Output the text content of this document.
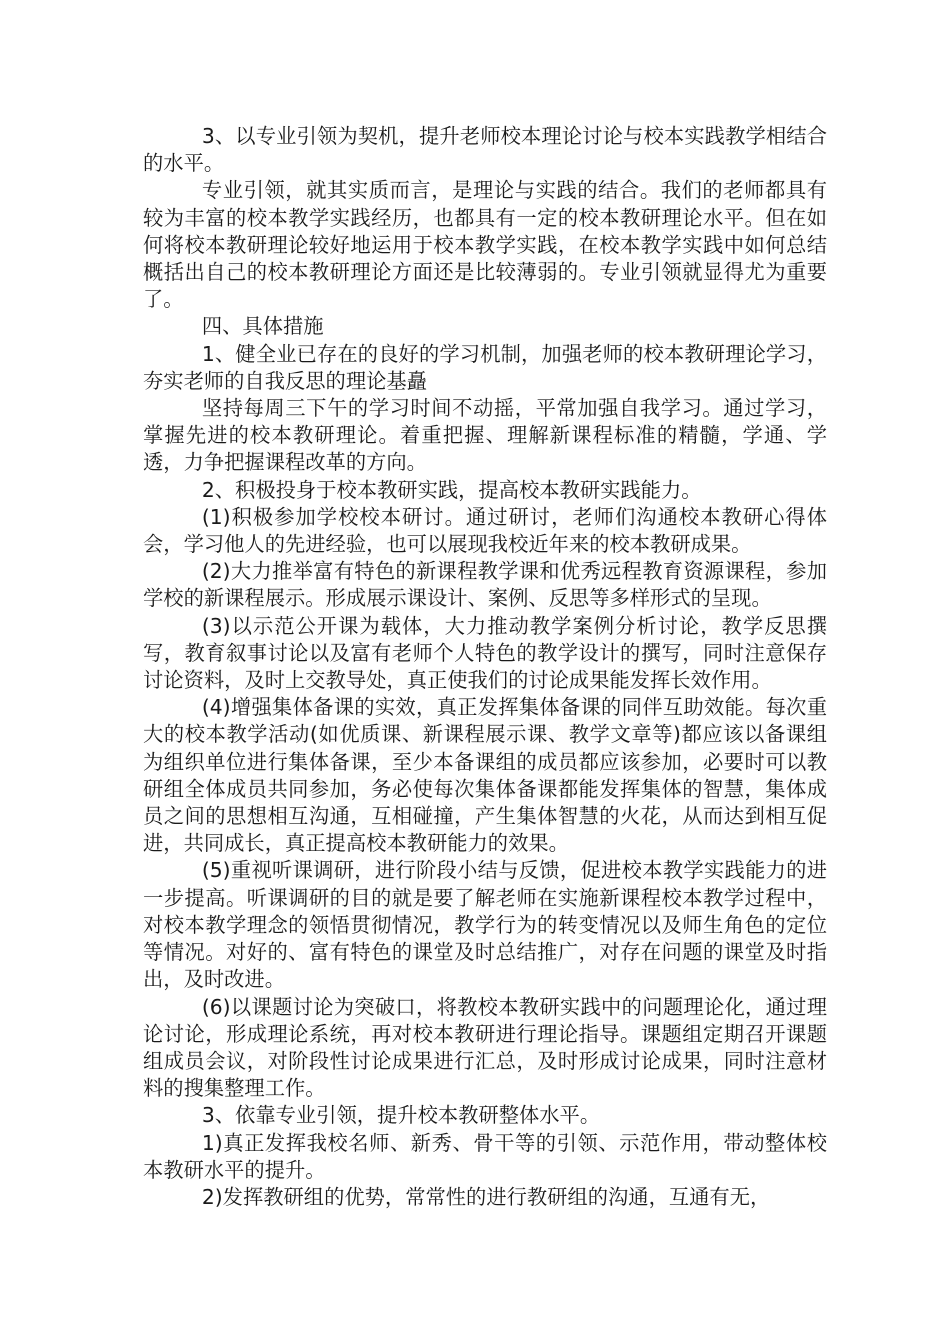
3、以专业引领为契机，提升老师校本理论讨论与校本实践教学相结合的水平。

专业引领，就其实质而言，是理论与实践的结合。我们的老师都具有较为丰富的校本教学实践经历，也都具有一定的校本教研理论水平。但在如何将校本教研理论较好地运用于校本教学实践，在校本教学实践中如何总结概括出自己的校本教研理论方面还是比较薄弱的。专业引领就显得尤为重要了。

四、具体措施

1、健全业已存在的良好的学习机制，加强老师的校本教研理论学习，夯实老师的自我反思的理论基矗

坚持每周三下午的学习时间不动摇，平常加强自我学习。通过学习，掌握先进的校本教研理论。着重把握、理解新课程标准的精髓，学通、学透，力争把握课程改革的方向。

2、积极投身于校本教研实践，提高校本教研实践能力。

(1)积极参加学校校本研讨。通过研讨，老师们沟通校本教研心得体会，学习他人的先进经验，也可以展现我校近年来的校本教研成果。

(2)大力推举富有特色的新课程教学课和优秀远程教育资源课程，参加学校的新课程展示。形成展示课设计、案例、反思等多样形式的呈现。

(3)以示范公开课为载体，大力推动教学案例分析讨论，教学反思撰写，教育叙事讨论以及富有老师个人特色的教学设计的撰写，同时注意保存讨论资料，及时上交教导处，真正使我们的讨论成果能发挥长效作用。

(4)增强集体备课的实效，真正发挥集体备课的同伴互助效能。每次重大的校本教学活动(如优质课、新课程展示课、教学文章等)都应该以备课组为组织单位进行集体备课，至少本备课组的成员都应该参加，必要时可以教研组全体成员共同参加，务必使每次集体备课都能发挥集体的智慧，集体成员之间的思想相互沟通，互相碰撞，产生集体智慧的火花，从而达到相互促进，共同成长，真正提高校本教研能力的效果。

(5)重视听课调研，进行阶段小结与反馈，促进校本教学实践能力的进一步提高。听课调研的目的就是要了解老师在实施新课程校本教学过程中，对校本教学理念的领悟贯彻情况，教学行为的转变情况以及师生角色的定位等情况。对好的、富有特色的课堂及时总结推广，对存在问题的课堂及时指出，及时改进。

(6)以课题讨论为突破口，将教校本教研实践中的问题理论化，通过理论讨论，形成理论系统，再对校本教研进行理论指导。课题组定期召开课题组成员会议，对阶段性讨论成果进行汇总，及时形成讨论成果，同时注意材料的搜集整理工作。

3、依靠专业引领，提升校本教研整体水平。

1)真正发挥我校名师、新秀、骨干等的引领、示范作用，带动整体校本教研水平的提升。

2)发挥教研组的优势，常常性的进行教研组的沟通，互通有无，
